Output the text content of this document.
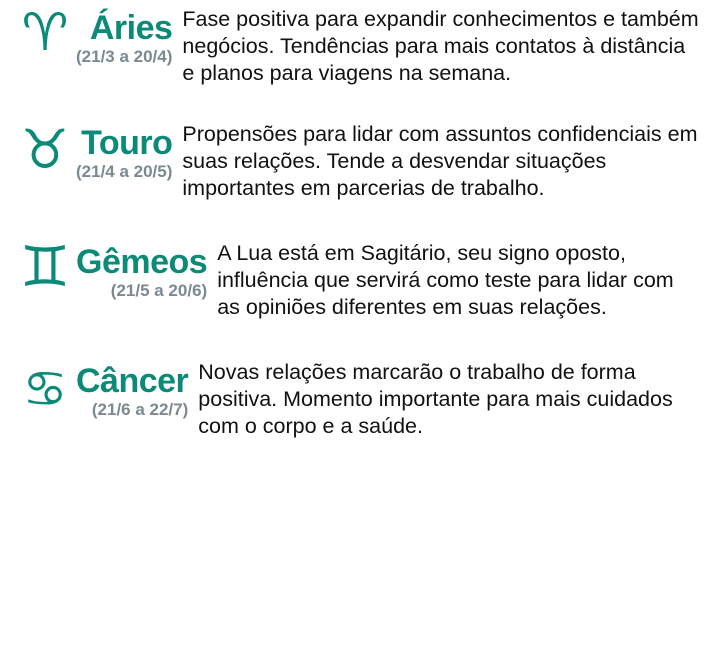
♈ Áries
(21/3 a 20/4)
Fase positiva para expandir conhecimentos e também negócios. Tendências para mais contatos à distância e planos para viagens na semana.
♉ Touro
(21/4 a 20/5)
Propensões para lidar com assuntos confidenciais em suas relações. Tende a desvendar situações importantes em parcerias de trabalho.
♊ Gêmeos
(21/5 a 20/6)
A Lua está em Sagitário, seu signo oposto, influência que servirá como teste para lidar com as opiniões diferentes em suas relações.
♋ Câncer
(21/6 a 22/7)
Novas relações marcarão o trabalho de forma positiva. Momento importante para mais cuidados com o corpo e a saúde.
